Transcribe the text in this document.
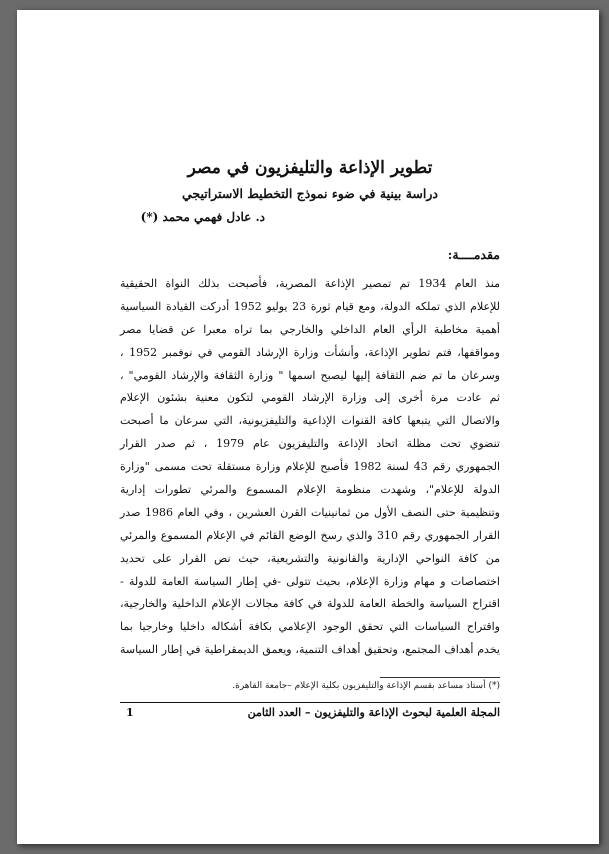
تطوير الإذاعة والتليفزيون في مصر
دراسة بينية في ضوء نموذج التخطيط الاستراتيجي
د. عادل فهمي محمد (*)
مقدمــــة:
منذ العام 1934 تم تمصير الإذاعة المصرية، فأصبحت بذلك النواة الحقيقية
للإعلام الذي تملكه الدولة، ومع قيام ثورة 23 يوليو 1952 أدركت القيادة السياسية
أهمية مخاطبة الرأي العام الداخلي والخارجي بما تراه معبرا عن قضايا مصر
ومواقفها، فتم تطوير الإذاعة، وأنشأت وزارة الإرشاد القومي في نوفمبر 1952 ،
وسرعان ما تم ضم الثقافة إليها ليصبح اسمها " وزارة الثقافة والإرشاد القومي" ،
ثم عادت مرة أخرى إلى وزارة الإرشاد القومي لتكون معنية بشئون الإعلام
والاتصال التي يتبعها كافة القنوات الإذاعية والتليفزيونية، التي سرعان ما أصبحت
تنضوي تحت مظلة اتحاد الإذاعة والتليفزيون عام 1979 ، ثم صدر القرار
الجمهوري رقم 43 لسنة 1982 فأصبح للإعلام وزارة مستقلة تحت مسمى "وزارة
الدولة للإعلام"، وشهدت منظومة الإعلام المسموع والمرئي تطورات إدارية
وتنظيمية حتى النصف الأول من ثمانينيات القرن العشرين ، وفي العام 1986 صدر
القرار الجمهوري رقم 310 والذي رسخ الوضع القائم في الإعلام المسموع والمرئي
من كافة النواحي الإدارية والقانونية والتشريعية، حيث نص القرار على تحديد
اختصاصات و مهام وزارة الإعلام، بحيث تتولى -في إطار السياسة العامة للدولة -
اقتراح السياسة والخطة العامة للدولة في كافة مجالات الإعلام الداخلية والخارجية،
واقتراح السياسات التي تحقق الوجود الإعلامي بكافة أشكاله داخليا وخارجيا بما
يخدم أهداف المجتمع، وتحقيق أهداف التنمية، ويعمق الديمقراطية في إطار السياسة
(*) أستاذ مساعد بقسم الإذاعة والتليفزيون بكلية الإعلام –جامعة القاهرة.
المجلة العلمية لبحوث الإذاعة والتليفزيون – العدد الثامن
1
